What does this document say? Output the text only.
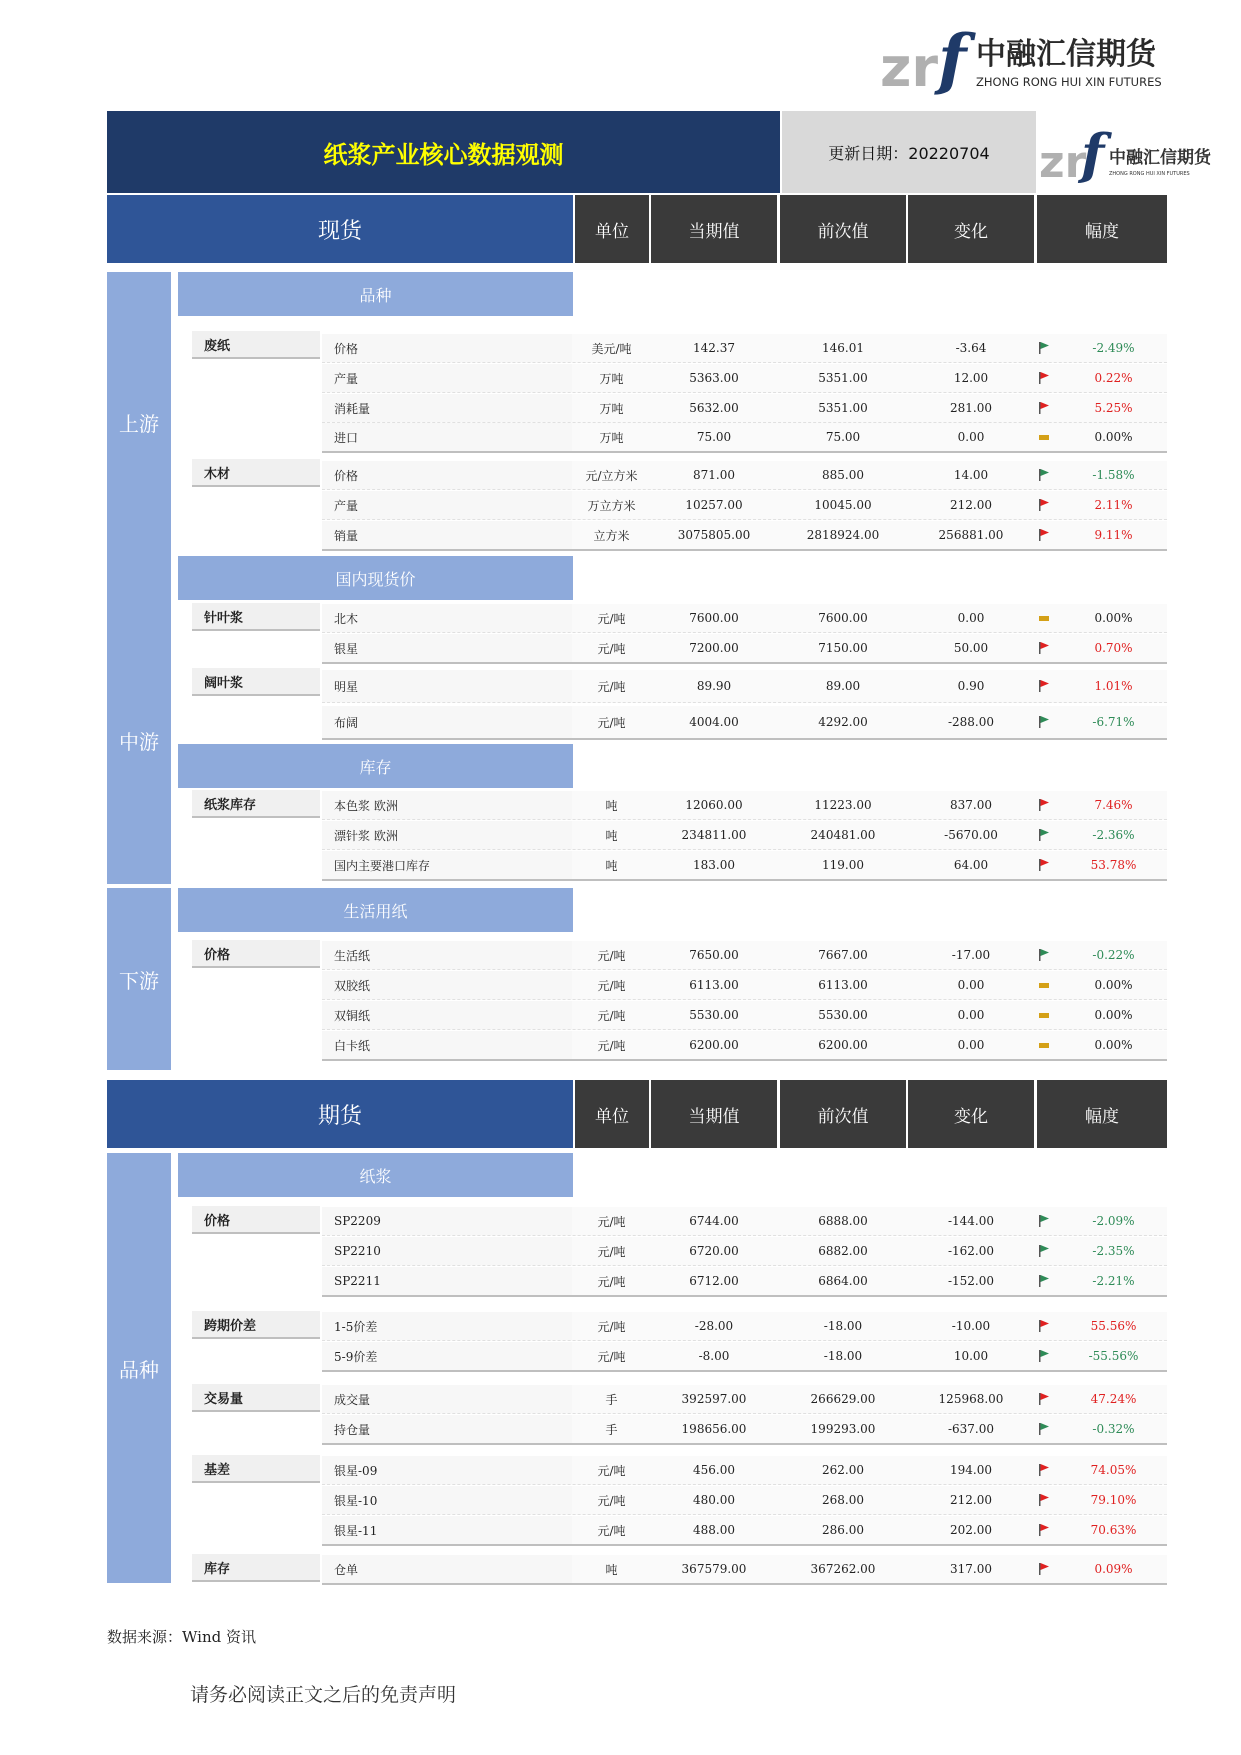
zr f 中融汇信期货
ZHONG RONG HUI XIN FUTURES
纸浆产业核心数据观测	更新日期：20220704	zr
f 中融汇信期货
ZHONG RONG HUI XIN FUTURES
现货	单位	当期值	前次值	变化	幅度
上游
中游
下游
品种
废纸	价格	美元/吨	142.37	146.01	-3.64	-2.49%
产量	万吨	5363.00	5351.00	12.00	0.22%
消耗量	万吨	5632.00	5351.00	281.00	5.25%
进口	万吨	75.00	75.00	0.00	0.00%
木材	价格	元/立方米	871.00	885.00	14.00	-1.58%
产量	万立方米	10257.00	10045.00	212.00	2.11%
销量	立方米	3075805.00	2818924.00	256881.00	9.11%
国内现货价
针叶浆	北木	元/吨	7600.00	7600.00	0.00	0.00%
银星	元/吨	7200.00	7150.00	50.00	0.70%
阔叶浆	明星	元/吨	89.90	89.00	0.90	1.01%
布阔	元/吨	4004.00	4292.00	-288.00	-6.71%
库存
纸浆库存	本色浆 欧洲	吨	12060.00	11223.00	837.00	7.46%
漂针浆 欧洲	吨	234811.00	240481.00	-5670.00	-2.36%
国内主要港口库存	吨	183.00	119.00	64.00	53.78%
生活用纸
价格	生活纸	元/吨	7650.00	7667.00	-17.00	-0.22%
双胶纸	元/吨	6113.00	6113.00	0.00	0.00%
双铜纸	元/吨	5530.00	5530.00	0.00	0.00%
白卡纸	元/吨	6200.00	6200.00	0.00	0.00%
期货	单位	当期值	前次值	变化	幅度
品种
纸浆
价格	SP2209	元/吨	6744.00	6888.00	-144.00	-2.09%
SP2210	元/吨	6720.00	6882.00	-162.00	-2.35%
SP2211	元/吨	6712.00	6864.00	-152.00	-2.21%
跨期价差	1-5价差	元/吨	-28.00	-18.00	-10.00	55.56%
5-9价差	元/吨	-8.00	-18.00	10.00	-55.56%
交易量	成交量	手	392597.00	266629.00	125968.00	47.24%
持仓量	手	198656.00	199293.00	-637.00	-0.32%
基差	银星-09	元/吨	456.00	262.00	194.00	74.05%
银星-10	元/吨	480.00	268.00	212.00	79.10%
银星-11	元/吨	488.00	286.00	202.00	70.63%
库存	仓单	吨	367579.00	367262.00	317.00	0.09%
数据来源：Wind 资讯
请务必阅读正文之后的免责声明
